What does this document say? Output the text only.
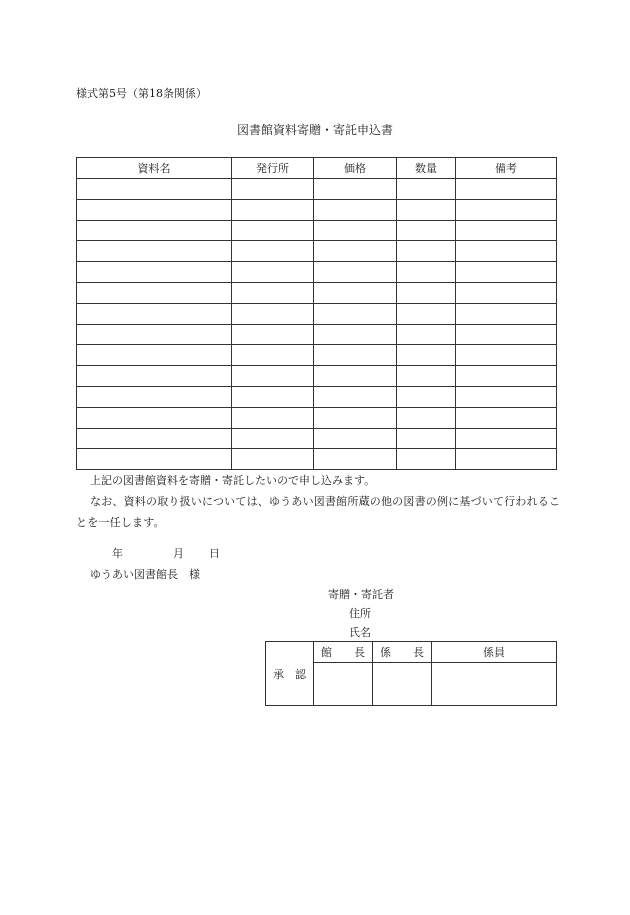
様式第5号（第18条関係）
図書館資料寄贈・寄託申込書
資料名	発行所	価格	数量	備考

上記の図書館資料を寄贈・寄託したいので申し込みます。
なお、資料の取り扱いについては、ゆうあい図書館所蔵の他の図書の例に基づいて行われることを一任します。
年	月 日
ゆうあい図書館長　様
寄贈・寄託者
住所
氏名
承　認	館　　長	係　　長	係員
